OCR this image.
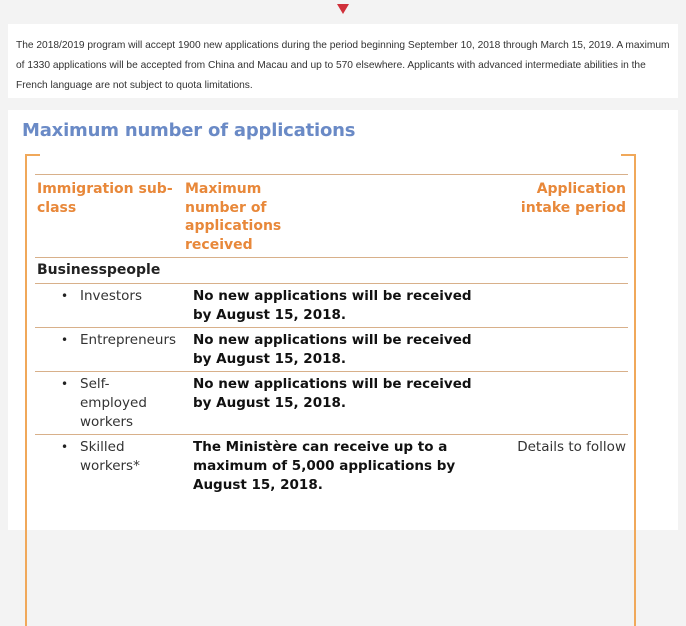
The 2018/2019 program will accept 1900 new applications during the period beginning September 10, 2018 through March 15, 2019. A maximum of 1330 applications will be accepted from China and Macau and up to 570 elsewhere. Applicants with advanced intermediate abilities in the French language are not subject to quota limitations.
Maximum number of applications
Immigration sub-class
Maximum number of applications received
Application intake period
Businesspeople
• Investors	No new applications will be received by August 15, 2018.
• Entrepreneurs No new applications will be received by August 15, 2018.
• Self-employed workers
No new applications will be received by August 15, 2018.
• Skilled workers*
The Ministère can receive up to a maximum of 5,000 applications by August 15, 2018.
Details to follow
